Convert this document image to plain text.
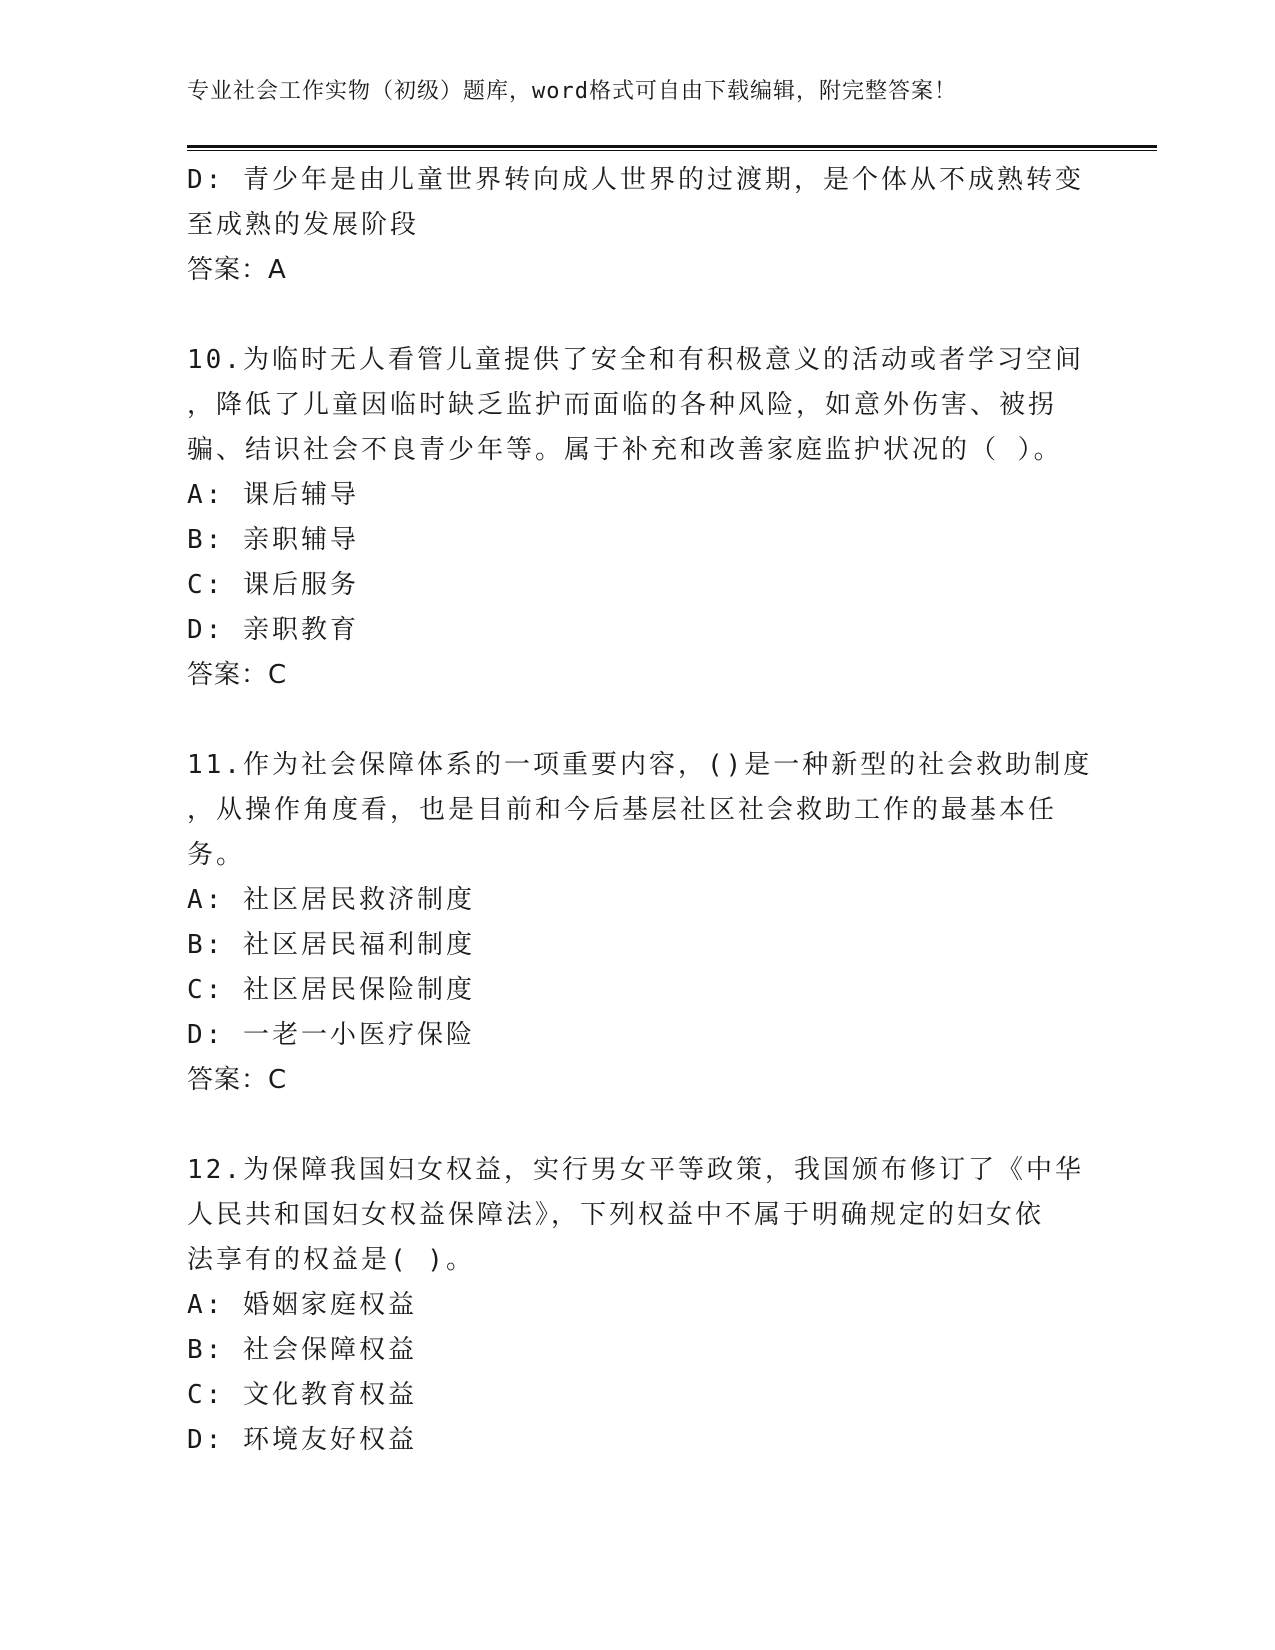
专业社会工作实物（初级）题库，word格式可自由下载编辑，附完整答案！
D: 青少年是由儿童世界转向成人世界的过渡期，是个体从不成熟转变
至成熟的发展阶段
答案：A
10.为临时无人看管儿童提供了安全和有积极意义的活动或者学习空间
，降低了儿童因临时缺乏监护而面临的各种风险，如意外伤害、被拐
骗、结识社会不良青少年等。属于补充和改善家庭监护状况的（ ）。
A: 课后辅导
B: 亲职辅导
C: 课后服务
D: 亲职教育
答案：C
11.作为社会保障体系的一项重要内容，()是一种新型的社会救助制度
，从操作角度看，也是目前和今后基层社区社会救助工作的最基本任
务。
A: 社区居民救济制度
B: 社区居民福利制度
C: 社区居民保险制度
D: 一老一小医疗保险
答案：C
12.为保障我国妇女权益，实行男女平等政策，我国颁布修订了《中华
人民共和国妇女权益保障法》，下列权益中不属于明确规定的妇女依
法享有的权益是( )。
A: 婚姻家庭权益
B: 社会保障权益
C: 文化教育权益
D: 环境友好权益
